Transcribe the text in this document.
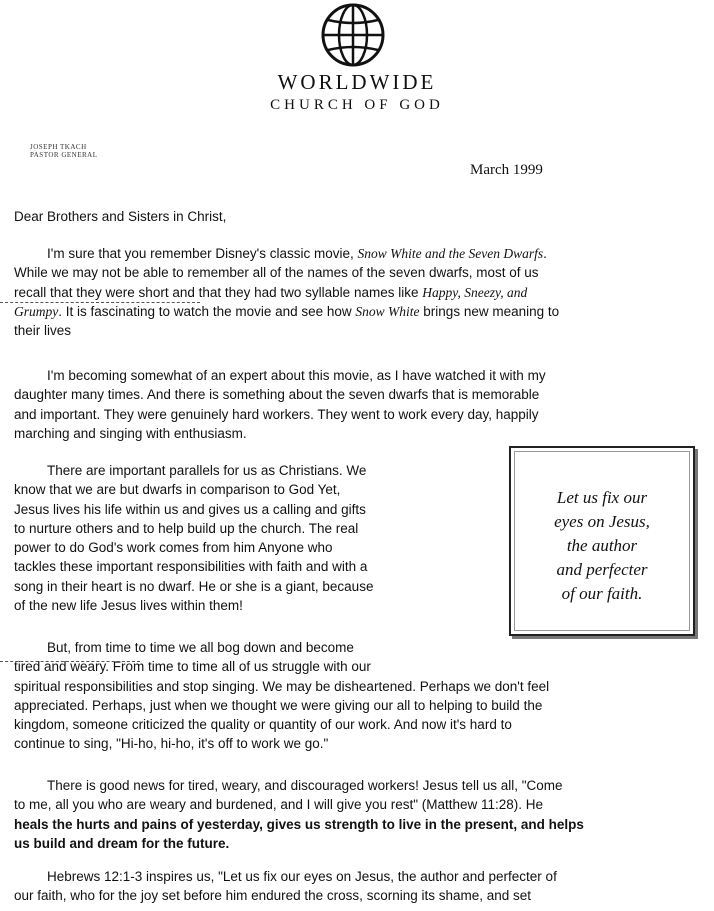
WORLDWIDE

CHURCH OF GOD

JOSEPH TKACH
PASTOR GENERAL
March 1999

Dear Brothers and Sisters in Christ,

I'm sure that you remember Disney's classic movie, Snow White and the Seven Dwarfs.
While we may not be able to remember all of the names of the seven dwarfs, most of us
recall that they were short and that they had two syllable names like Happy, Sneezy, and
Grumpy. It is fascinating to watch the movie and see how Snow White brings new meaning to
their lives
I'm becoming somewhat of an expert about this movie, as I have watched it with my
daughter many times. And there is something about the seven dwarfs that is memorable
and important. They were genuinely hard workers. They went to work every day, happily
marching and singing with enthusiasm.
There are important parallels for us as Christians. We
know that we are but dwarfs in comparison to God Yet,
Jesus lives his life within us and gives us a calling and gifts
to nurture others and to help build up the church. The real
power to do God's work comes from him Anyone who
tackles these important responsibilities with faith and with a
song in their heart is no dwarf. He or she is a giant, because
of the new life Jesus lives within them!
But, from time to time we all bog down and become
tired and weary. From time to time all of us struggle with our
spiritual responsibilities and stop singing. We may be disheartened. Perhaps we don't feel
appreciated. Perhaps, just when we thought we were giving our all to helping to build the
kingdom, someone criticized the quality or quantity of our work. And now it's hard to
continue to sing, "Hi-ho, hi-ho, it's off to work we go."
There is good news for tired, weary, and discouraged workers! Jesus tell us all, "Come
to me, all you who are weary and burdened, and I will give you rest" (Matthew 11:28). He
heals the hurts and pains of yesterday, gives us strength to live in the present, and helps
us build and dream for the future.
Hebrews 12:1-3 inspires us, "Let us fix our eyes on Jesus, the author and perfecter of
our faith, who for the joy set before him endured the cross, scorning its shame, and set

Let us fix our
eyes on Jesus,
the author
and perfecter
of our faith.
